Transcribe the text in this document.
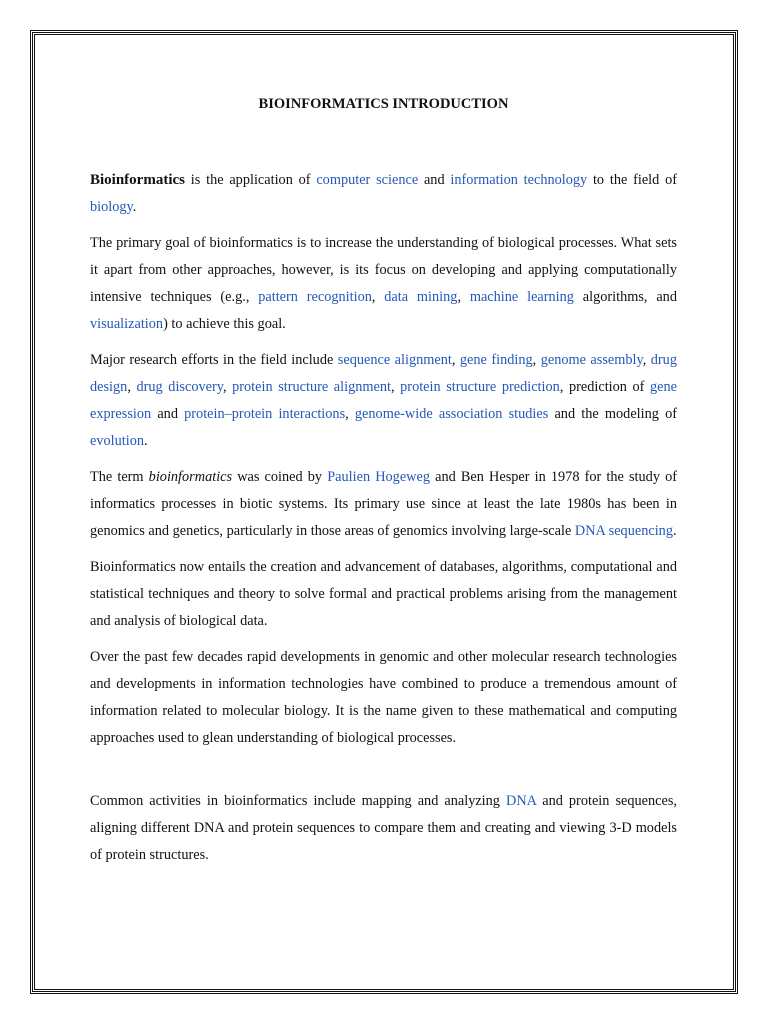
BIOINFORMATICS INTRODUCTION

Bioinformatics is the application of computer science and information technology to the field of biology.

The primary goal of bioinformatics is to increase the understanding of biological processes. What sets it apart from other approaches, however, is its focus on developing and applying computationally intensive techniques (e.g., pattern recognition, data mining, machine learning algorithms, and visualization) to achieve this goal.

Major research efforts in the field include sequence alignment, gene finding, genome assembly, drug design, drug discovery, protein structure alignment, protein structure prediction, prediction of gene expression and protein–protein interactions, genome-wide association studies and the modeling of evolution.

The term bioinformatics was coined by Paulien Hogeweg and Ben Hesper in 1978 for the study of informatics processes in biotic systems. Its primary use since at least the late 1980s has been in genomics and genetics, particularly in those areas of genomics involving large-scale DNA sequencing.

Bioinformatics now entails the creation and advancement of databases, algorithms, computational and statistical techniques and theory to solve formal and practical problems arising from the management and analysis of biological data.

Over the past few decades rapid developments in genomic and other molecular research technologies and developments in information technologies have combined to produce a tremendous amount of information related to molecular biology. It is the name given to these mathematical and computing approaches used to glean understanding of biological processes.

Common activities in bioinformatics include mapping and analyzing DNA and protein sequences, aligning different DNA and protein sequences to compare them and creating and viewing 3-D models of protein structures.
